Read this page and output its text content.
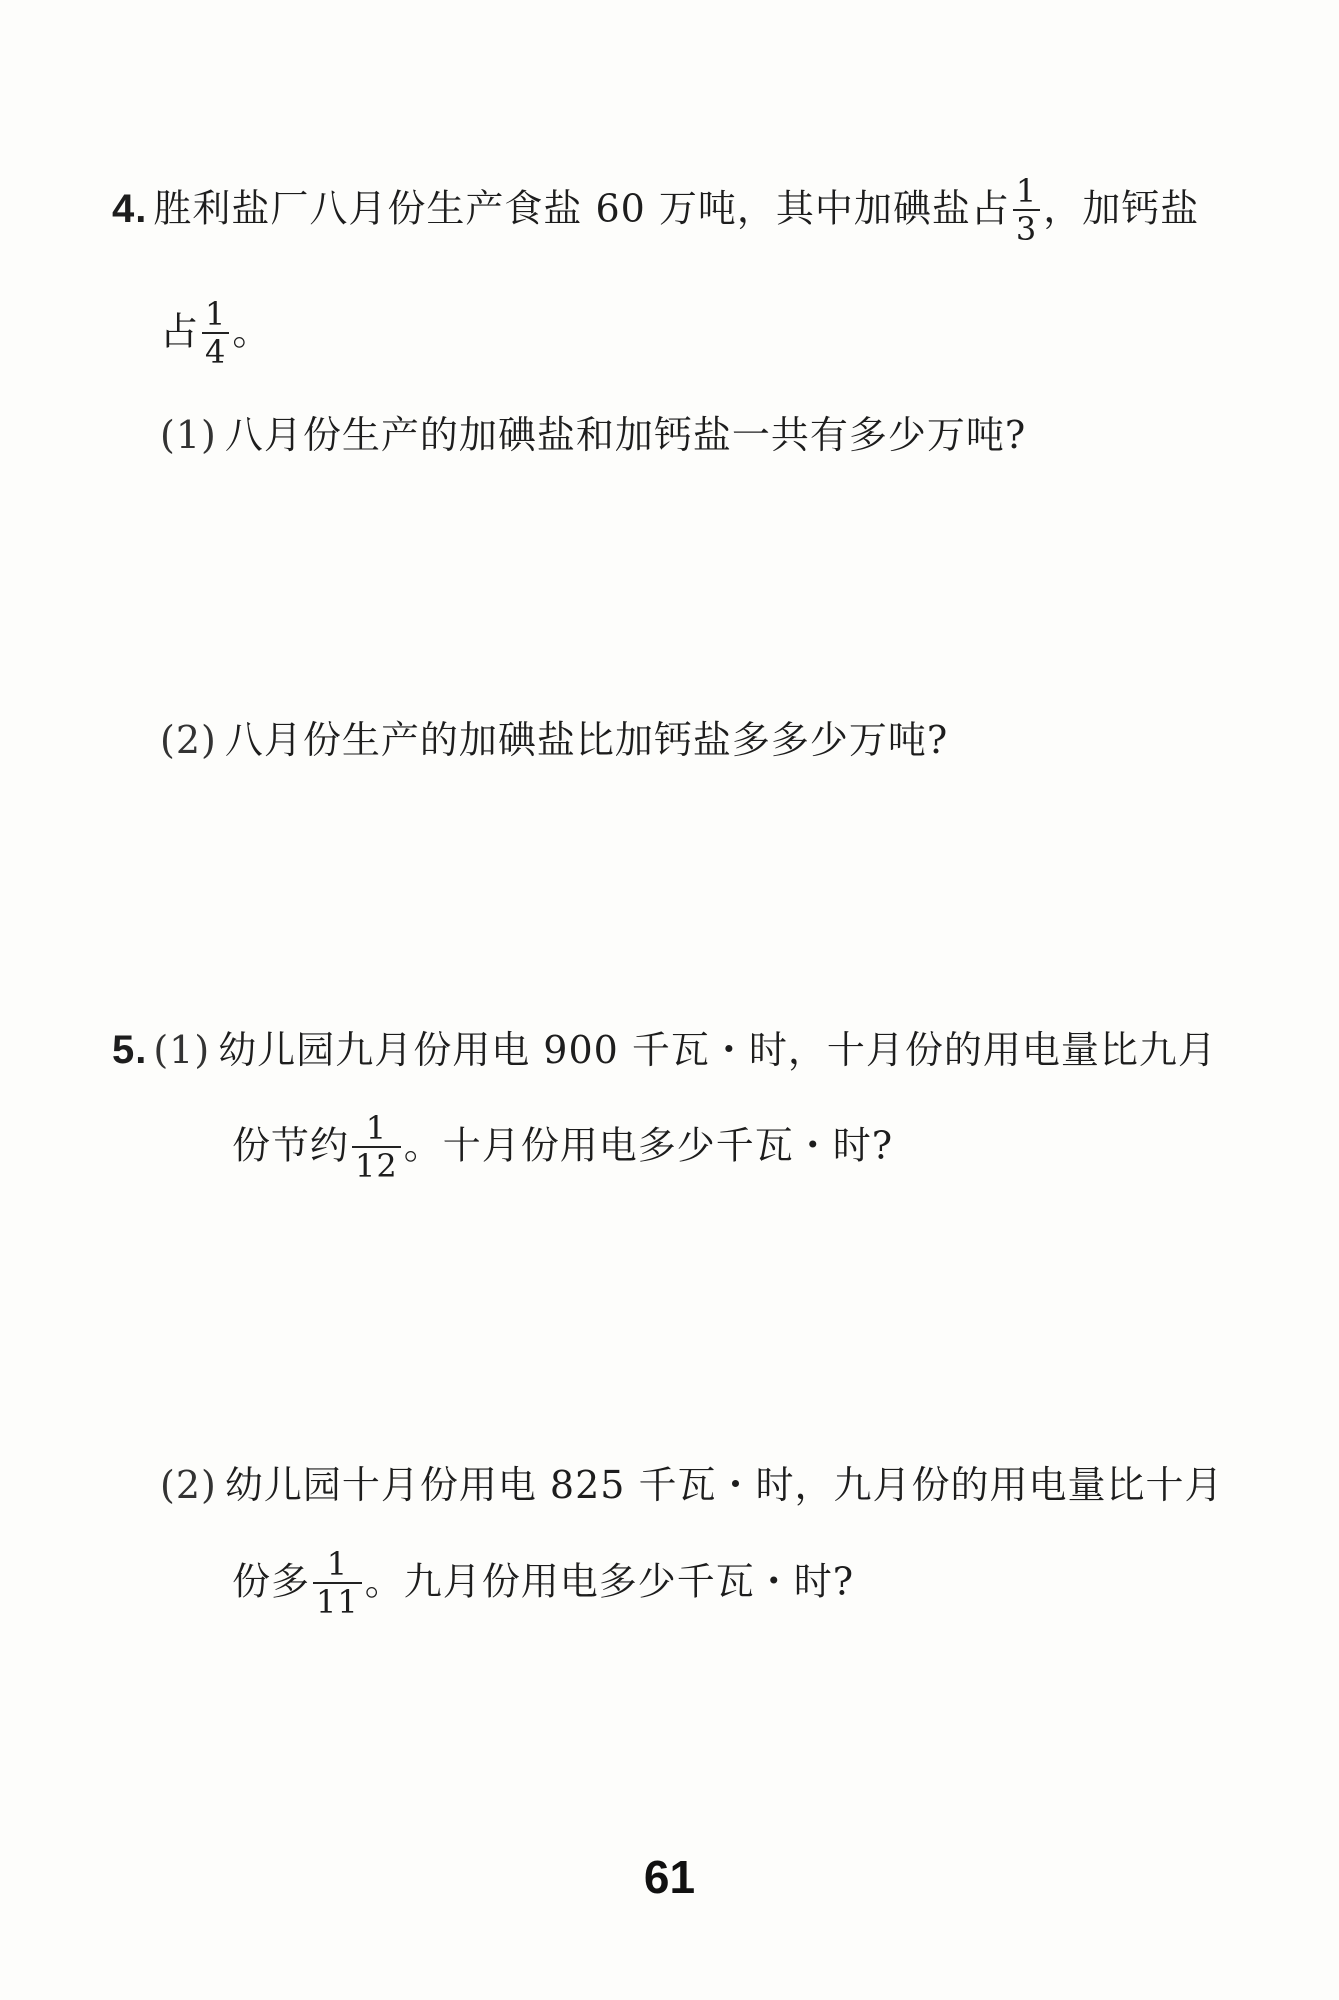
4. 胜利盐厂八月份生产食盐 60 万吨，其中加碘盐占 $\frac{1}{3}$ ，加钙盐
占 $\frac{1}{4}$ 。
(1) 八月份生产的加碘盐和加钙盐一共有多少万吨?
(2) 八月份生产的加碘盐比加钙盐多多少万吨?
5. (1) 幼儿园九月份用电 900 千瓦・时，十月份的用电量比九月
份节约 $\frac{1}{12}$ 。十月份用电多少千瓦・时?
(2) 幼儿园十月份用电 825 千瓦・时，九月份的用电量比十月
份多 $\frac{1}{11}$ 。九月份用电多少千瓦・时?
61
